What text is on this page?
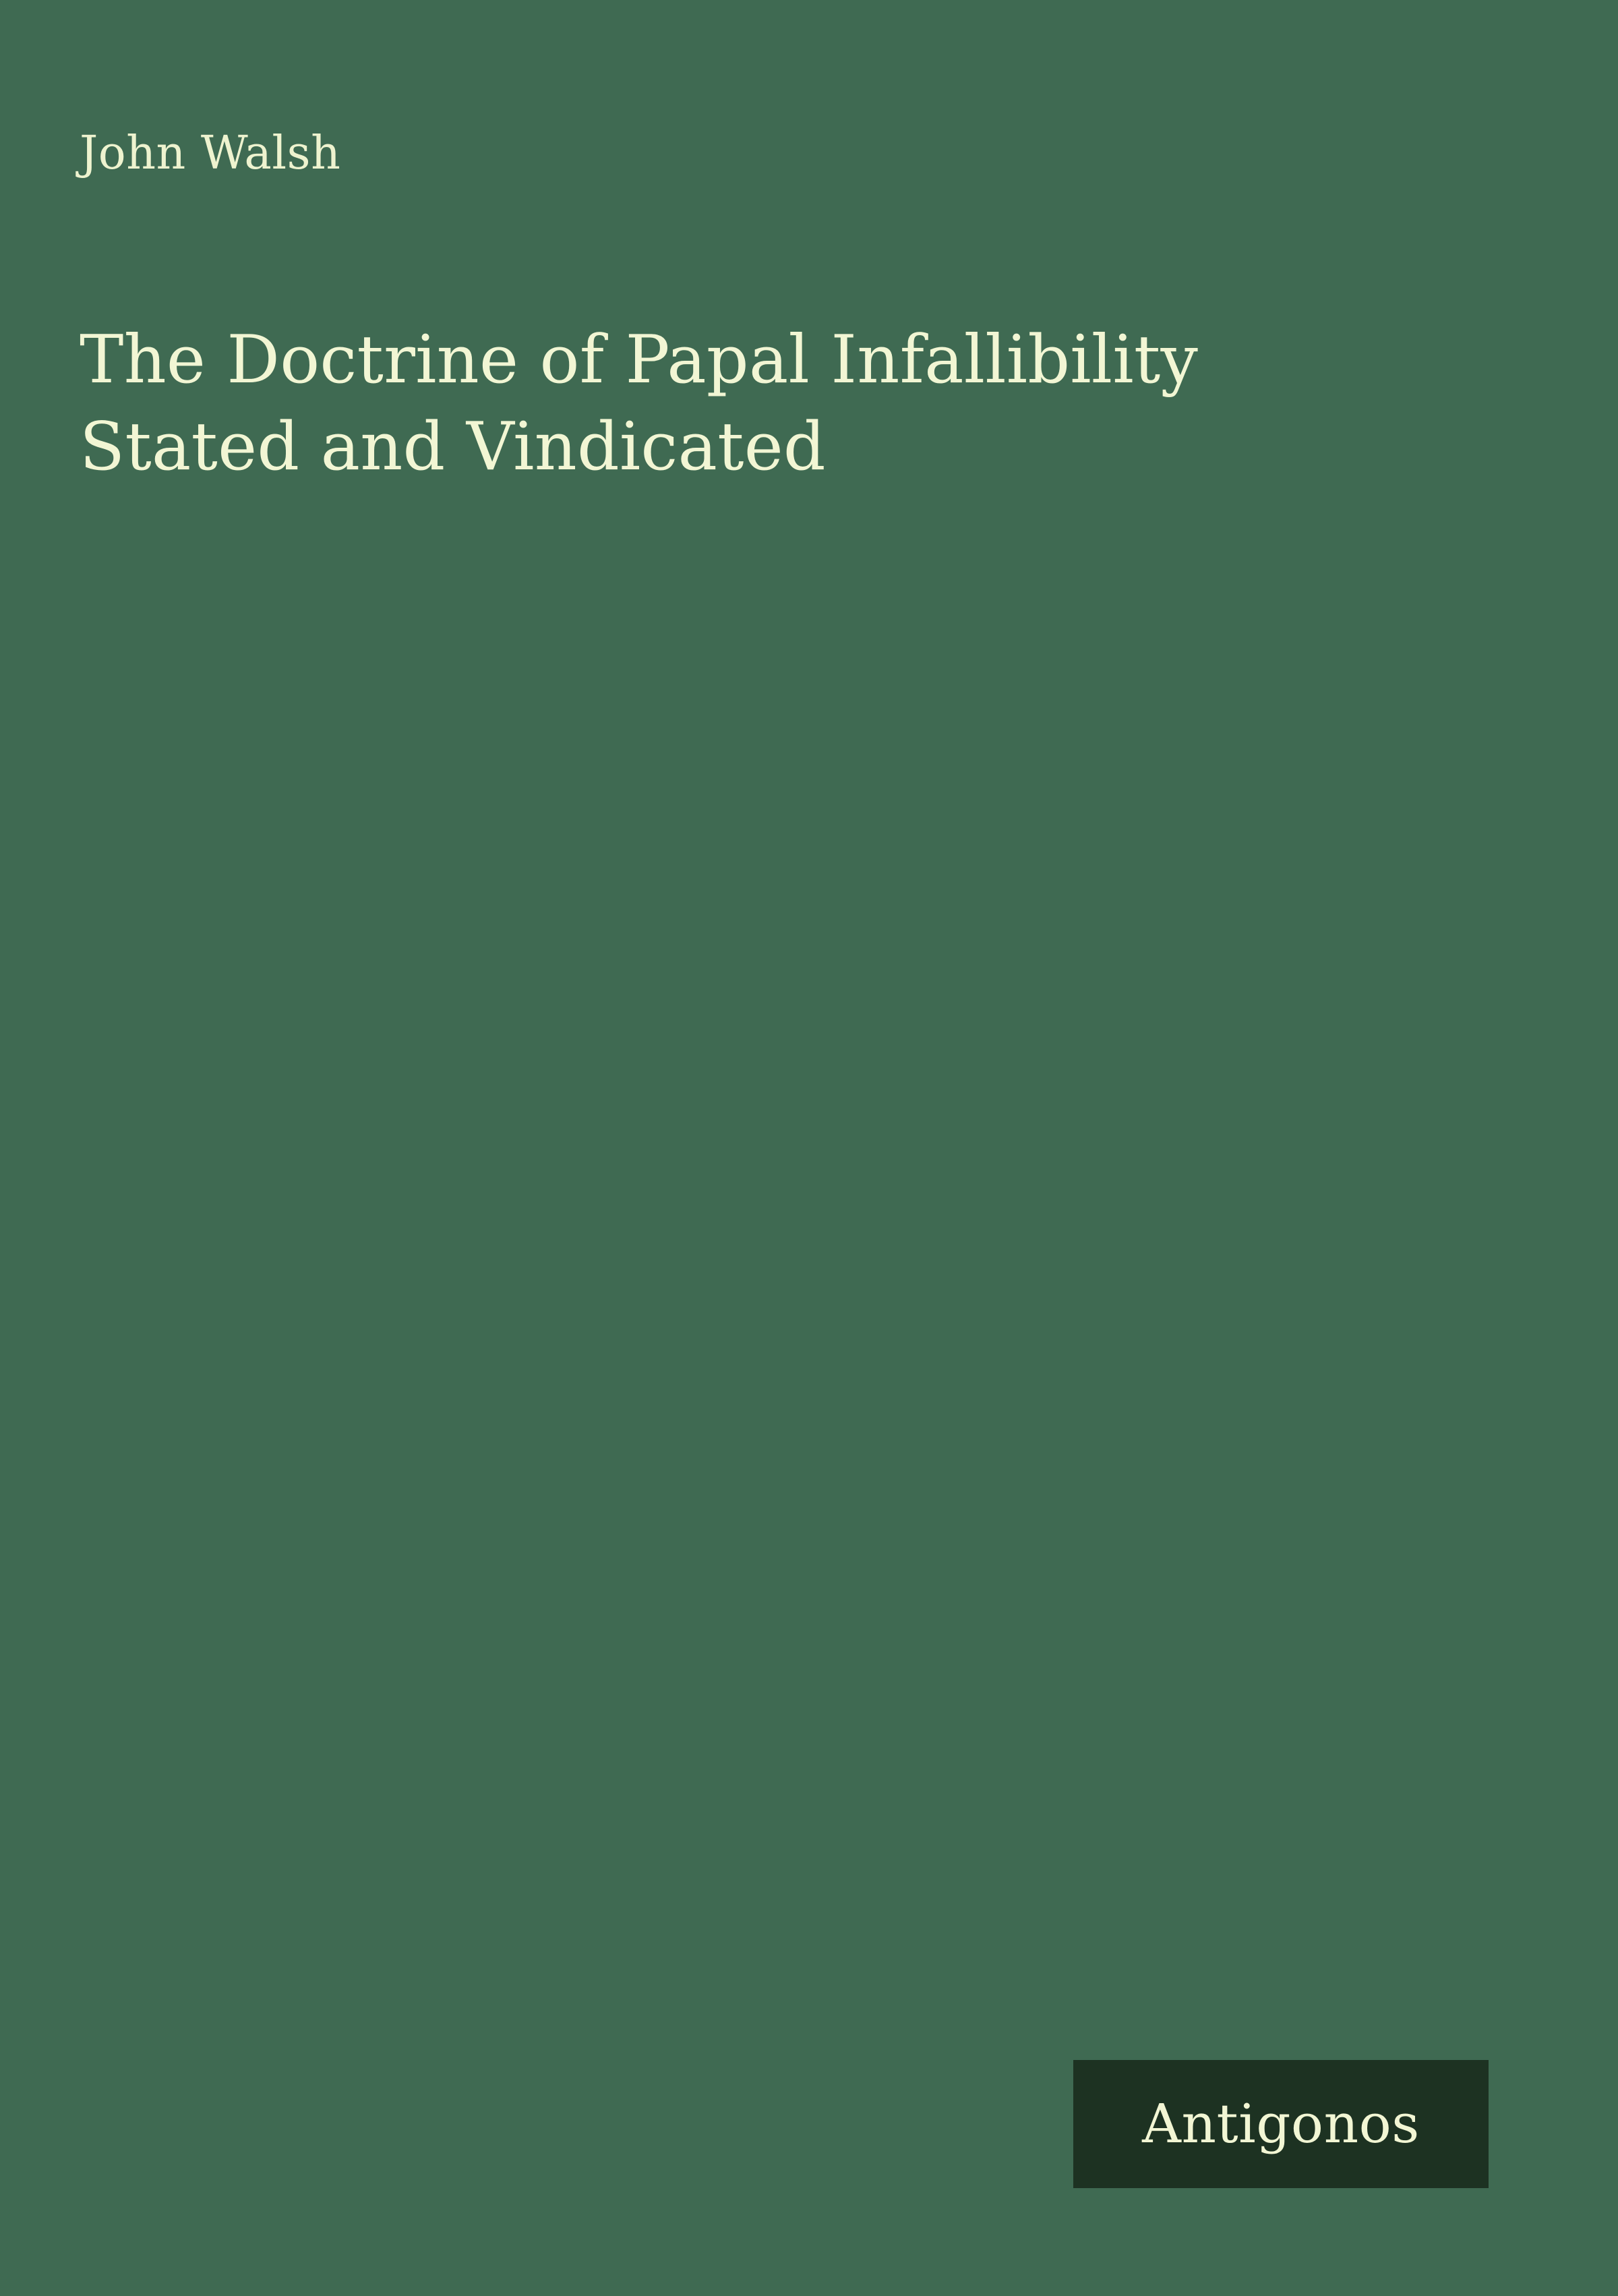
John Walsh
The Doctrine of Papal Infallibility Stated and Vindicated
Antigonos
